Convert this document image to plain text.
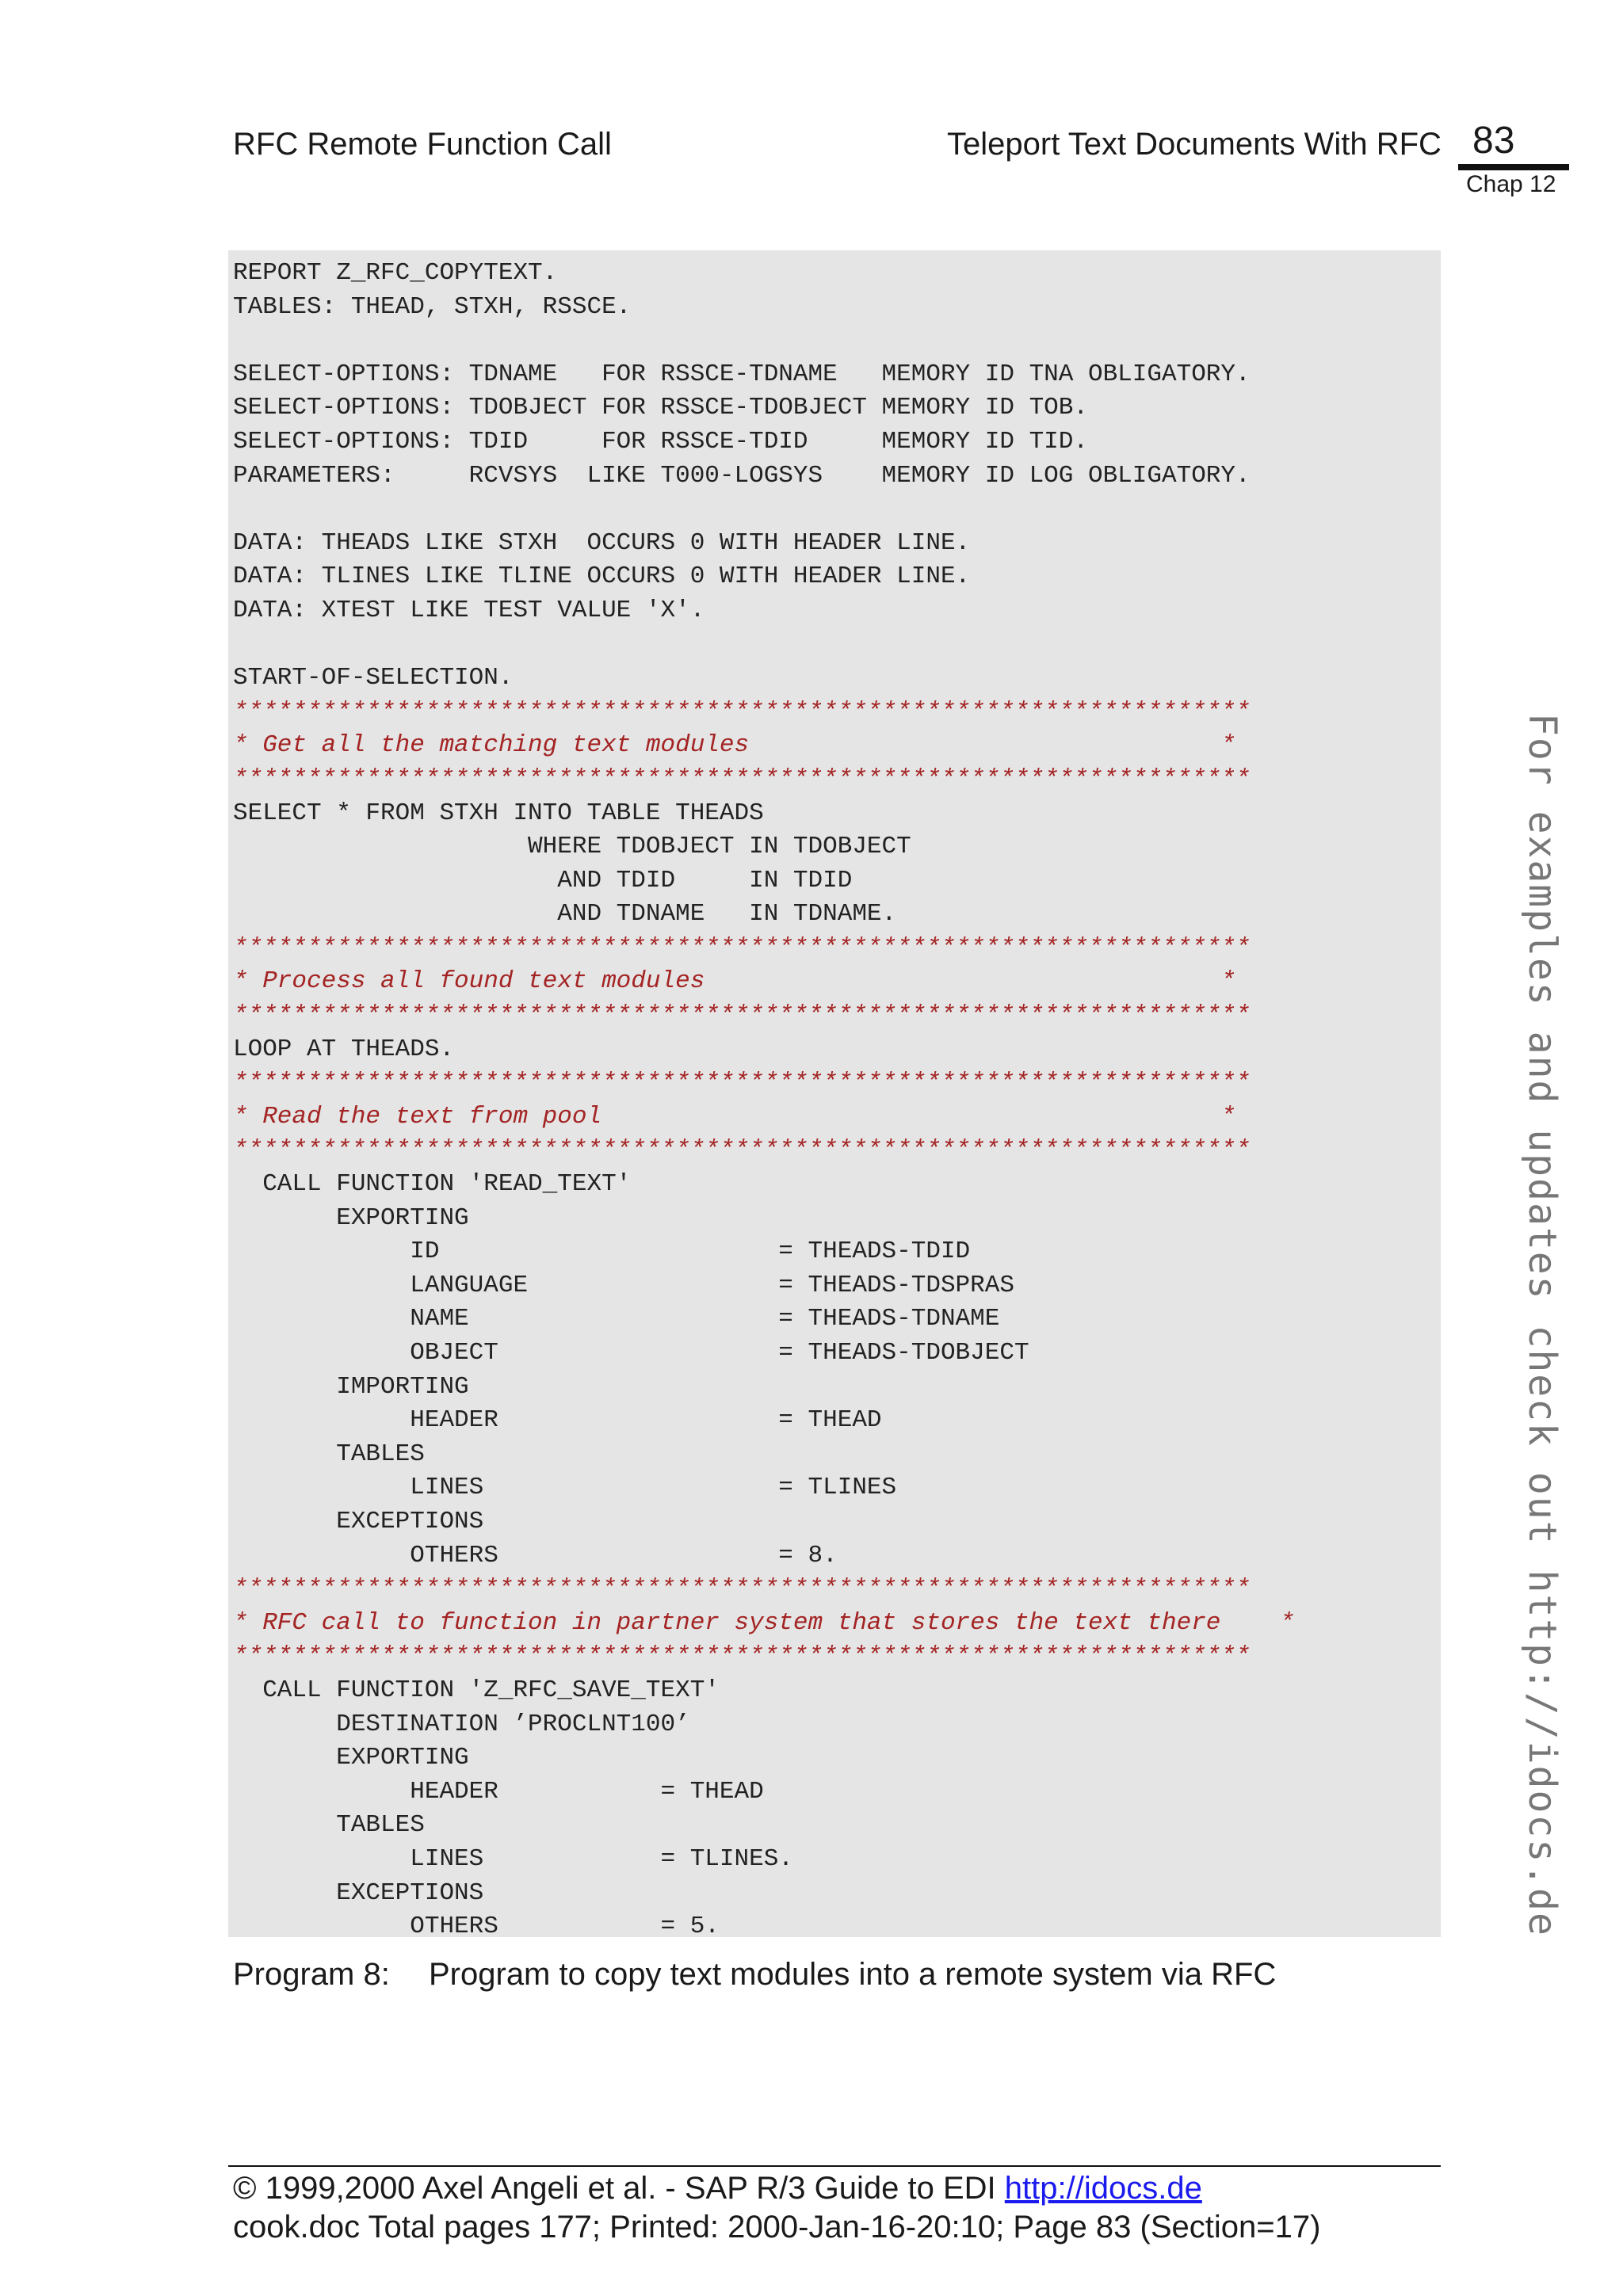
RFC Remote Function Call	Teleport Text Documents With RFC 83
Chap 12
REPORT Z_RFC_COPYTEXT.
TABLES: THEAD, STXH, RSSCE.
SELECT-OPTIONS: TDNAME   FOR RSSCE-TDNAME   MEMORY ID TNA OBLIGATORY.
SELECT-OPTIONS: TDOBJECT FOR RSSCE-TDOBJECT MEMORY ID TOB.
SELECT-OPTIONS: TDID     FOR RSSCE-TDID     MEMORY ID TID.
PARAMETERS:     RCVSYS  LIKE T000-LOGSYS    MEMORY ID LOG OBLIGATORY.
DATA: THEADS LIKE STXH  OCCURS 0 WITH HEADER LINE.
DATA: TLINES LIKE TLINE OCCURS 0 WITH HEADER LINE.
DATA: XTEST LIKE TEST VALUE 'X'.
START-OF-SELECTION.
*********************************************************************
* Get all the matching text modules                                *
*********************************************************************
SELECT * FROM STXH INTO TABLE THEADS
WHERE TDOBJECT IN TDOBJECT
AND TDID     IN TDID
AND TDNAME   IN TDNAME.
*********************************************************************
* Process all found text modules                                   *
*********************************************************************
LOOP AT THEADS.
*********************************************************************
* Read the text from pool                                          *
*********************************************************************
CALL FUNCTION 'READ_TEXT'
EXPORTING
ID                       = THEADS-TDID
LANGUAGE                 = THEADS-TDSPRAS
NAME                     = THEADS-TDNAME
OBJECT                   = THEADS-TDOBJECT
IMPORTING
HEADER                   = THEAD
TABLES
LINES                    = TLINES
EXCEPTIONS
OTHERS                   = 8.
*********************************************************************
* RFC call to function in partner system that stores the text there    *
*********************************************************************
CALL FUNCTION 'Z_RFC_SAVE_TEXT'
DESTINATION ’PROCLNT100’
EXPORTING
HEADER           = THEAD
TABLES
LINES            = TLINES.
EXCEPTIONS
OTHERS           = 5.	For examples and updates check out http://idocs.de
Program 8: Program to copy text modules into a remote system via RFC
© 1999,2000 Axel Angeli et al. - SAP R/3 Guide to EDI http://idocs.de
cook.doc Total pages 177; Printed: 2000-Jan-16-20:10; Page 83 (Section=17)
